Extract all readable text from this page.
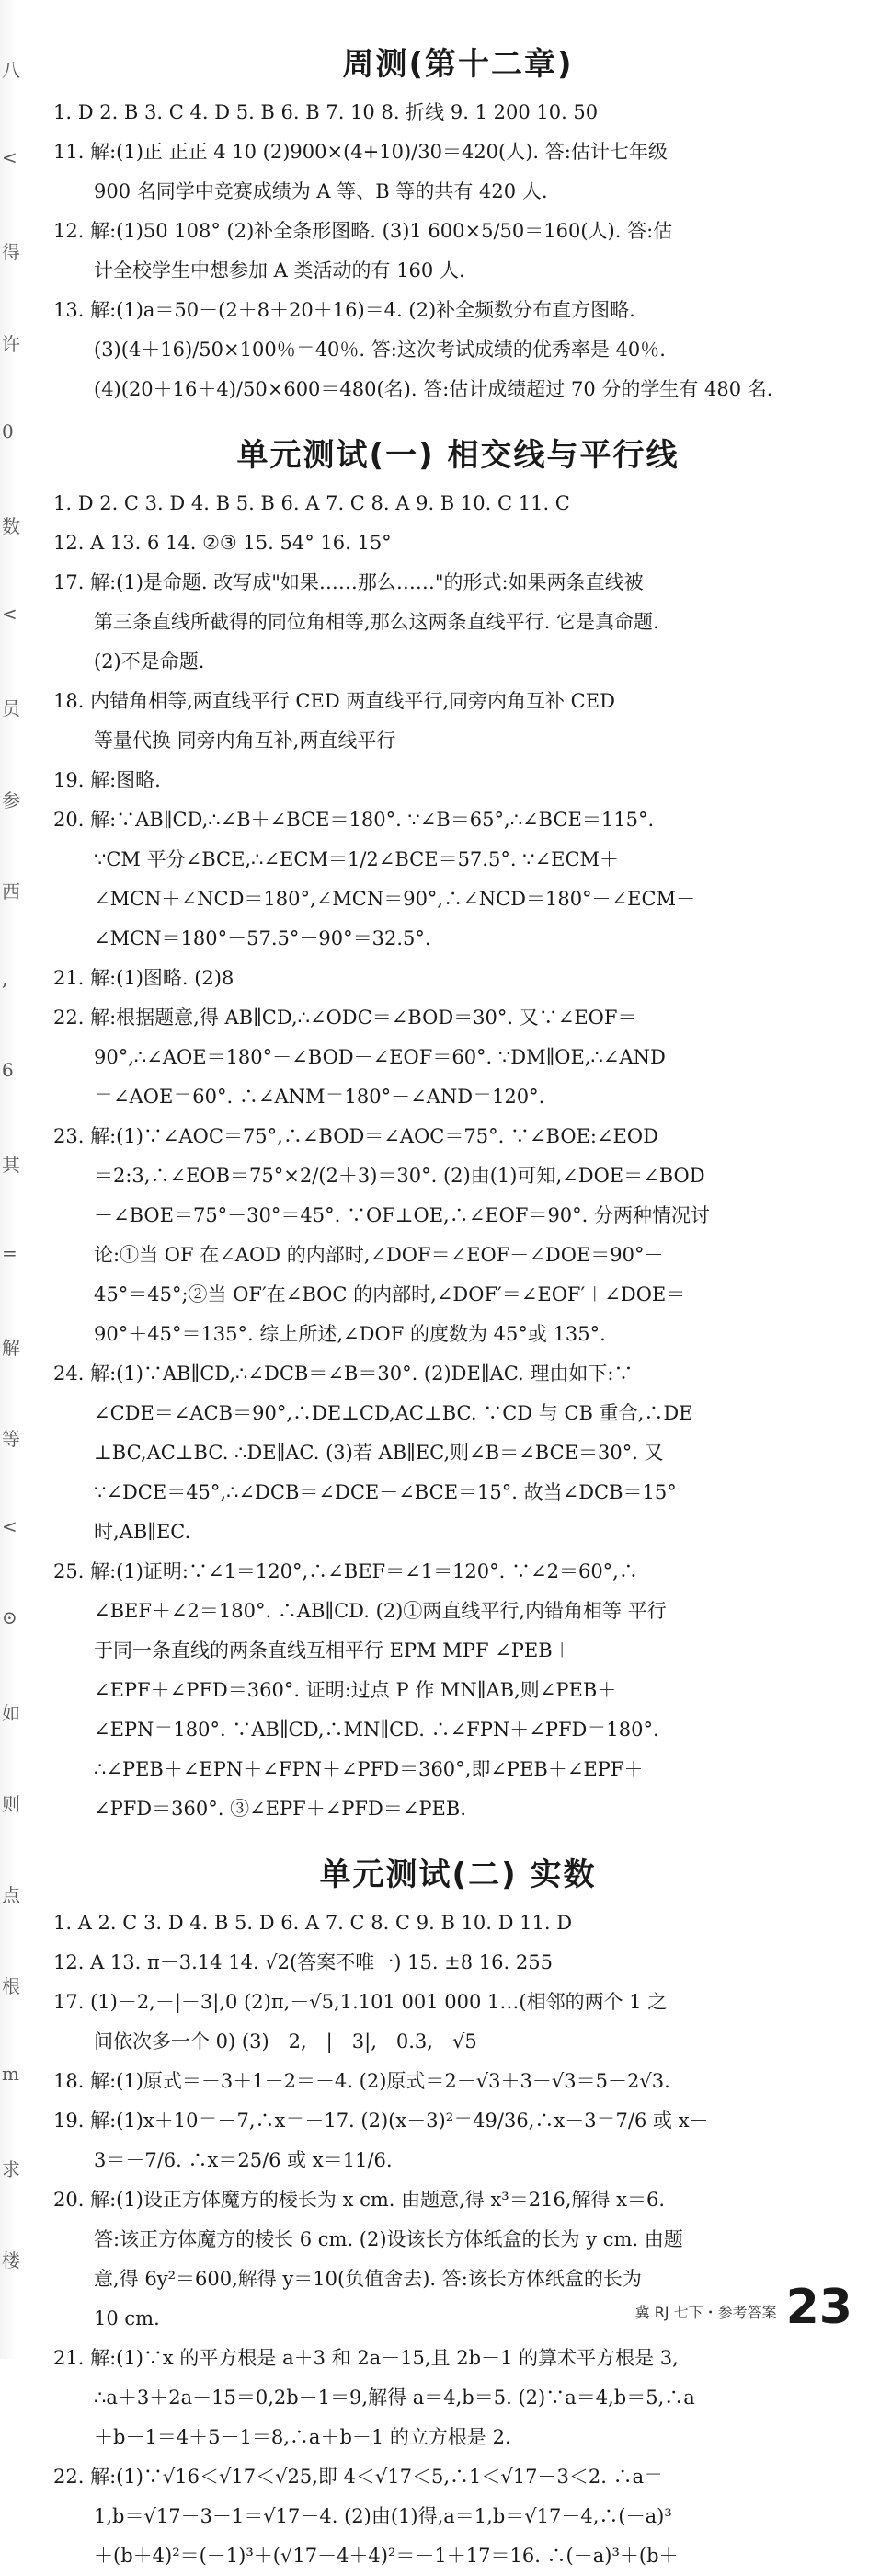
八
<
得
许
0
数
<
员
参
西
,
6
其
=
解
等
<
⊙
如
则
点
根
m
求
楼
周测(第十二章)
1. D 2. B 3. C 4. D 5. B 6. B 7. 10 8. 折线 9. 1 200 10. 50
11. 解:(1)正 正正 4 10 (2)900×(4+10)/30＝420(人). 答:估计七年级
900 名同学中竞赛成绩为 A 等、B 等的共有 420 人.
12. 解:(1)50 108° (2)补全条形图略. (3)1 600×5/50＝160(人). 答:估
计全校学生中想参加 A 类活动的有 160 人.
13. 解:(1)a＝50－(2＋8＋20＋16)＝4. (2)补全频数分布直方图略.
(3)(4＋16)/50×100％＝40％. 答:这次考试成绩的优秀率是 40％.
(4)(20＋16＋4)/50×600＝480(名). 答:估计成绩超过 70 分的学生有 480 名.
单元测试(一) 相交线与平行线
1. D 2. C 3. D 4. B 5. B 6. A 7. C 8. A 9. B 10. C 11. C
12. A 13. 6 14. ②③ 15. 54° 16. 15°
17. 解:(1)是命题. 改写成"如果……那么……"的形式:如果两条直线被
第三条直线所截得的同位角相等,那么这两条直线平行. 它是真命题.
(2)不是命题.
18. 内错角相等,两直线平行 CED 两直线平行,同旁内角互补 CED
等量代换 同旁内角互补,两直线平行
19. 解:图略.
20. 解:∵AB∥CD,∴∠B＋∠BCE＝180°. ∵∠B＝65°,∴∠BCE＝115°.
∵CM 平分∠BCE,∴∠ECM＝1/2∠BCE＝57.5°. ∵∠ECM＋
∠MCN＋∠NCD＝180°,∠MCN＝90°,∴∠NCD＝180°－∠ECM－
∠MCN＝180°－57.5°－90°＝32.5°.
21. 解:(1)图略. (2)8
22. 解:根据题意,得 AB∥CD,∴∠ODC＝∠BOD＝30°. 又∵∠EOF＝
90°,∴∠AOE＝180°－∠BOD－∠EOF＝60°. ∵DM∥OE,∴∠AND
＝∠AOE＝60°. ∴∠ANM＝180°－∠AND＝120°.
23. 解:(1)∵∠AOC＝75°,∴∠BOD＝∠AOC＝75°. ∵∠BOE:∠EOD
＝2:3,∴∠EOB＝75°×2/(2＋3)＝30°. (2)由(1)可知,∠DOE＝∠BOD
－∠BOE＝75°－30°＝45°. ∵OF⊥OE,∴∠EOF＝90°. 分两种情况讨
论:①当 OF 在∠AOD 的内部时,∠DOF＝∠EOF－∠DOE＝90°－
45°＝45°;②当 OF′在∠BOC 的内部时,∠DOF′＝∠EOF′＋∠DOE＝
90°＋45°＝135°. 综上所述,∠DOF 的度数为 45°或 135°.
24. 解:(1)∵AB∥CD,∴∠DCB＝∠B＝30°. (2)DE∥AC. 理由如下:∵
∠CDE＝∠ACB＝90°,∴DE⊥CD,AC⊥BC. ∵CD 与 CB 重合,∴DE
⊥BC,AC⊥BC. ∴DE∥AC. (3)若 AB∥EC,则∠B＝∠BCE＝30°. 又
∵∠DCE＝45°,∴∠DCB＝∠DCE－∠BCE＝15°. 故当∠DCB＝15°
时,AB∥EC.
25. 解:(1)证明:∵∠1＝120°,∴∠BEF＝∠1＝120°. ∵∠2＝60°,∴
∠BEF＋∠2＝180°. ∴AB∥CD. (2)①两直线平行,内错角相等 平行
于同一条直线的两条直线互相平行 EPM MPF ∠PEB＋
∠EPF＋∠PFD＝360°. 证明:过点 P 作 MN∥AB,则∠PEB＋
∠EPN＝180°. ∵AB∥CD,∴MN∥CD. ∴∠FPN＋∠PFD＝180°.
∴∠PEB＋∠EPN＋∠FPN＋∠PFD＝360°,即∠PEB＋∠EPF＋
∠PFD＝360°. ③∠EPF＋∠PFD＝∠PEB.
单元测试(二) 实数
1. A 2. C 3. D 4. B 5. D 6. A 7. C 8. C 9. B 10. D 11. D
12. A 13. π－3.14 14. √2(答案不唯一) 15. ±8 16. 255
17. (1)－2,－|－3|,0 (2)π,－√5,1.101 001 000 1…(相邻的两个 1 之
间依次多一个 0) (3)－2,－|－3|,－0.3,－√5
18. 解:(1)原式＝－3＋1－2＝－4. (2)原式＝2－√3＋3－√3＝5－2√3.
19. 解:(1)x＋10＝－7,∴x＝－17. (2)(x－3)²＝49/36,∴x－3＝7/6 或 x－
3＝－7/6. ∴x＝25/6 或 x＝11/6.
20. 解:(1)设正方体魔方的棱长为 x cm. 由题意,得 x³＝216,解得 x＝6.
答:该正方体魔方的棱长 6 cm. (2)设该长方体纸盒的长为 y cm. 由题
意,得 6y²＝600,解得 y＝10(负值舍去). 答:该长方体纸盒的长为
10 cm.
21. 解:(1)∵x 的平方根是 a＋3 和 2a－15,且 2b－1 的算术平方根是 3,
∴a＋3＋2a－15＝0,2b－1＝9,解得 a＝4,b＝5. (2)∵a＝4,b＝5,∴a
＋b－1＝4＋5－1＝8,∴a＋b－1 的立方根是 2.
22. 解:(1)∵√16＜√17＜√25,即 4＜√17＜5,∴1＜√17－3＜2. ∴a＝
1,b＝√17－3－1＝√17－4. (2)由(1)得,a＝1,b＝√17－4,∴(－a)³
＋(b＋4)²＝(－1)³＋(√17－4＋4)²＝－1＋17＝16. ∴(－a)³＋(b＋
冀 RJ 七下・参考答案 23
